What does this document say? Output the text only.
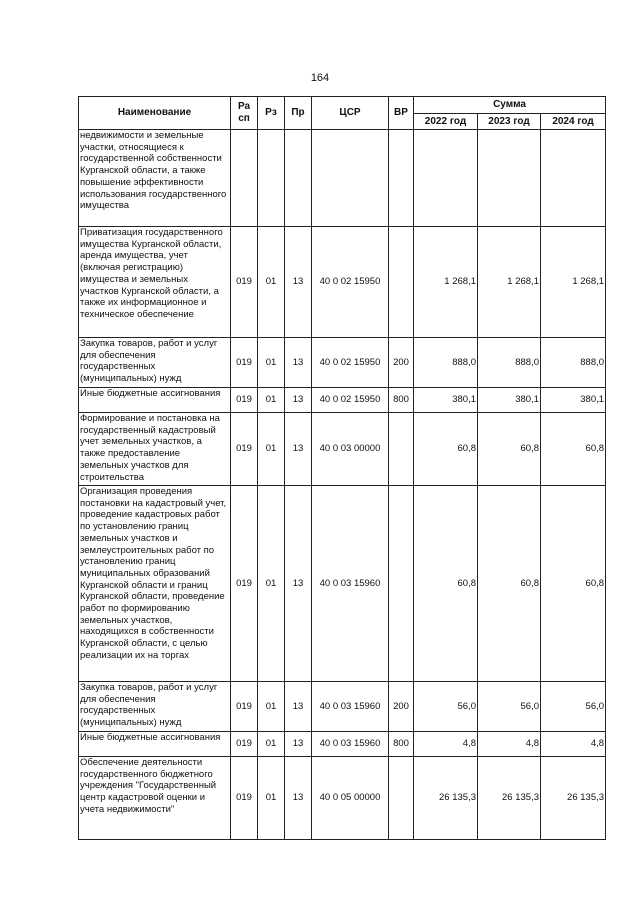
164
Наименование	Ра сп	Рз	Пр	ЦСР	ВР	Сумма		
						2022 год	2023 год	2024 год
недвижимости и земельные участки, относящиеся к государственной собственности Курганской области, а также повышение эффективности использования государственного имущества								
Приватизация государственного имущества Курганской области, аренда имущества, учет (включая регистрацию) имущества и земельных участков Курганской области, а также их информационное и техническое обеспечение	019	01	13	40 0 02 15950		1 268,1	1 268,1	1 268,1
Закупка товаров, работ и услуг для обеспечения государственных (муниципальных) нужд	019	01	13	40 0 02 15950	200	888,0	888,0	888,0
Иные бюджетные ассигнования	019	01	13	40 0 02 15950	800	380,1	380,1	380,1
Формирование и постановка на государственный кадастровый учет земельных участков, а также предоставление земельных участков для строительства	019	01	13	40 0 03 00000		60,8	60,8	60,8
Организация проведения постановки на кадастровый учет, проведение кадастровых работ по установлению границ земельных участков и землеустроительных работ по установлению границ муниципальных образований Курганской области и границ Курганской области, проведение работ по формированию земельных участков, находящихся в собственности Курганской области, с целью реализации их на торгах	019	01	13	40 0 03 15960		60,8	60,8	60,8
Закупка товаров, работ и услуг для обеспечения государственных (муниципальных) нужд	019	01	13	40 0 03 15960	200	56,0	56,0	56,0
Иные бюджетные ассигнования	019	01	13	40 0 03 15960	800	4,8	4,8	4,8
Обеспечение деятельности государственного бюджетного учреждения "Государственный центр кадастровой оценки и учета недвижимости"	019	01	13	40 0 05 00000		26 135,3	26 135,3	26 135,3
